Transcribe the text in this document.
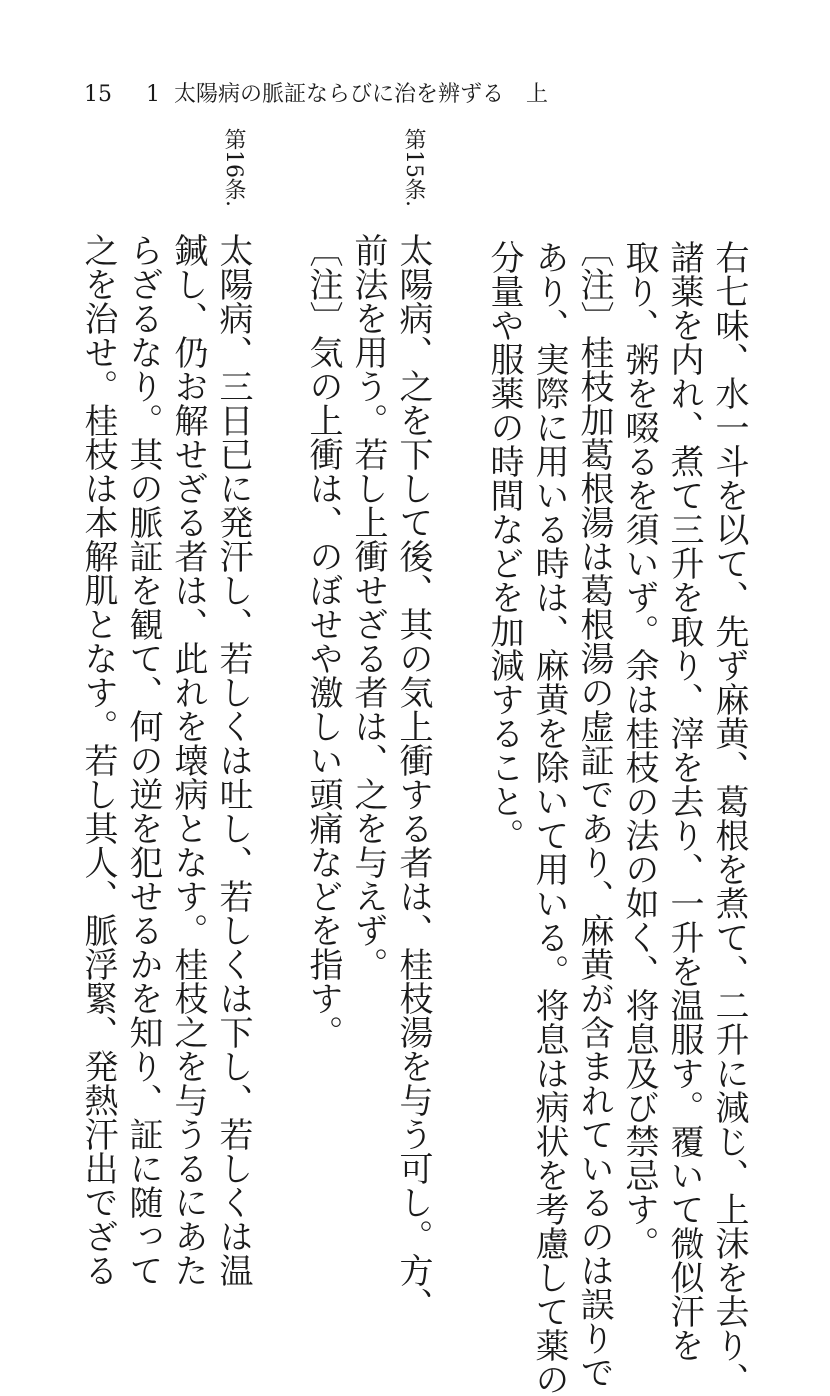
15	1 太陽病の脈証ならびに治を辨ずる　上
右七味、水一斗を以て、先ず麻黄、葛根を煮て、二升に減じ、上沫を去り、
諸薬を内れ、煮て三升を取り、滓を去り、一升を温服す。覆いて微似汗を
取り、粥を啜るを須いず。余は桂枝の法の如く、将息及び禁忌す。
〔注〕桂枝加葛根湯は葛根湯の虚証であり、麻黄が含まれているのは誤りで
あり、実際に用いる時は、麻黄を除いて用いる。将息は病状を考慮して薬の
分量や服薬の時間などを加減すること。
第15条.
太陽病、之を下して後、其の気上衝する者は、桂枝湯を与う可し。方、
前法を用う。若し上衝せざる者は、之を与えず。
〔注〕気の上衝は、のぼせや激しい頭痛などを指す。
第16条.
太陽病、三日已に発汗し、若しくは吐し、若しくは下し、若しくは温
鍼し、仍お解せざる者は、此れを壊病となす。桂枝之を与うるにあた
らざるなり。其の脈証を観て、何の逆を犯せるかを知り、証に随って
之を治せ。桂枝は本解肌となす。若し其人、脈浮緊、発熱汗出でざる
